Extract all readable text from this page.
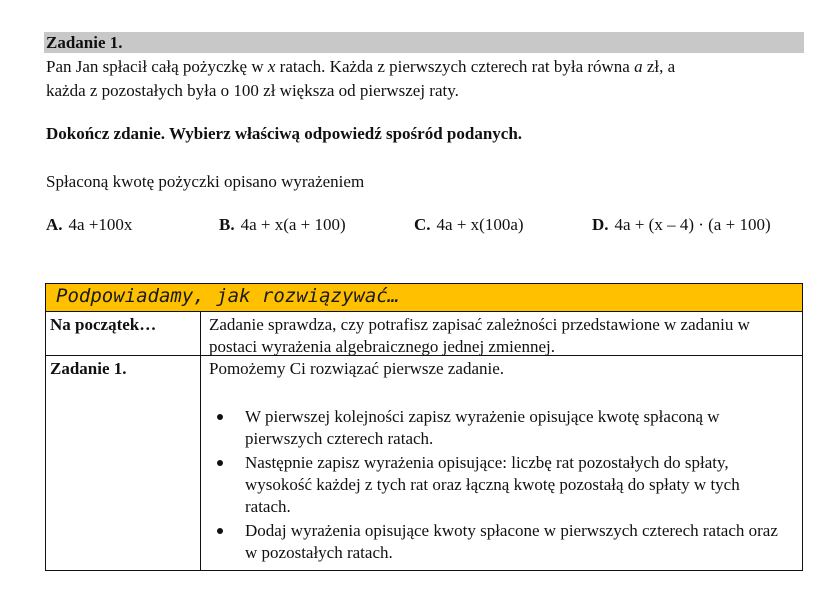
Zadanie 1.
Pan Jan spłacił całą pożyczkę w x ratach. Każda z pierwszych czterech rat była równa a zł, a
każda z pozostałych była o 100 zł większa od pierwszej raty.
Dokończ zdanie. Wybierz właściwą odpowiedź spośród podanych.
Spłaconą kwotę pożyczki opisano wyrażeniem
A. 4a +100x	B. 4a + x(a + 100)	C. 4a + x(100a)	D. 4a + (x – 4) · (a + 100)
Podpowiadamy, jak rozwiązywać…
Na początek…	Zadanie sprawdza, czy potrafisz zapisać zależności przedstawione w zadaniu w postaci wyrażenia algebraicznego jednej zmiennej.
Zadanie 1.	Pomożemy Ci rozwiązać pierwsze zadanie.
W pierwszej kolejności zapisz wyrażenie opisujące kwotę spłaconą w pierwszych czterech ratach.
Następnie zapisz wyrażenia opisujące: liczbę rat pozostałych do spłaty, wysokość każdej z tych rat oraz łączną kwotę pozostałą do spłaty w tych ratach.
Dodaj wyrażenia opisujące kwoty spłacone w pierwszych czterech ratach oraz w pozostałych ratach.
